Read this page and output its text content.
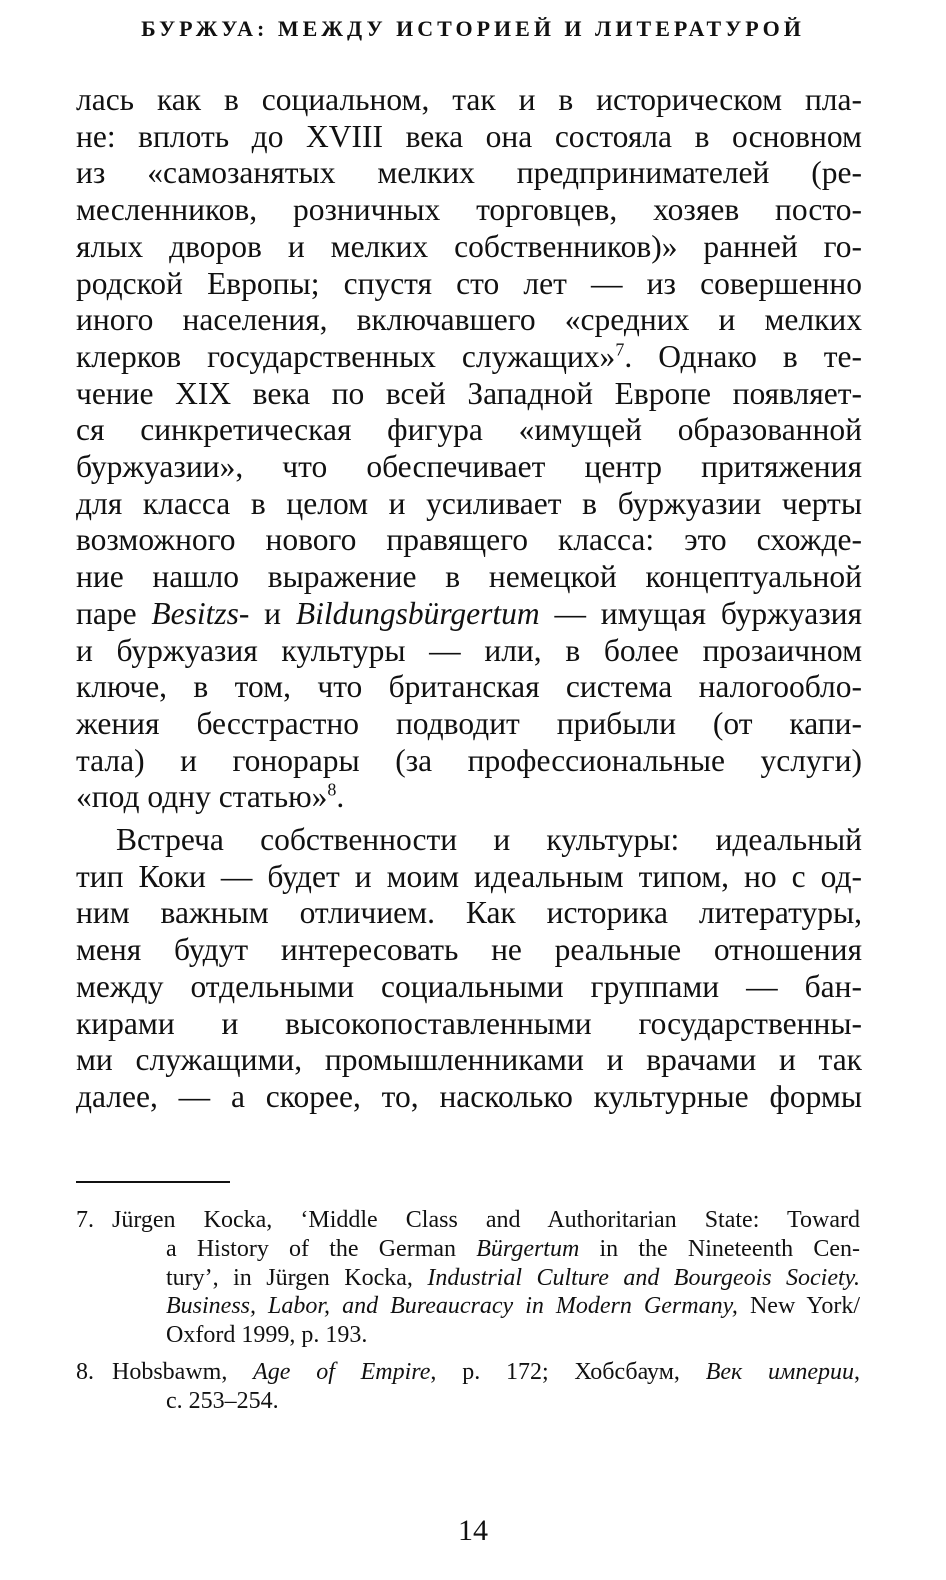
БУРЖУА: МЕЖДУ ИСТОРИЕЙ И ЛИТЕРАТУРОЙ

лась как в социальном, так и в историческом пла-
не: вплоть до XVIII века она состояла в основном
из «самозанятых мелких предпринимателей (ре-
месленников, розничных торговцев, хозяев посто-
ялых дворов и мелких собственников)» ранней го-
родской Европы; спустя сто лет — из совершенно
иного населения, включавшего «средних и мелких
клерков государственных служащих»$^7$. Однако в те-
чение XIX века по всей Западной Европе появляет-
ся синкретическая фигура «имущей образованной
буржуазии», что обеспечивает центр притяжения
для класса в целом и усиливает в буржуазии черты
возможного нового правящего класса: это схожде-
ние нашло выражение в немецкой концептуальной
паре Besitzs- и Bildungsbürgertum — имущая буржуазия
и буржуазия культуры — или, в более прозаичном
ключе, в том, что британская система налогообло-
жения бесстрастно подводит прибыли (от капи-
тала) и гонорары (за профессиональные услуги)
«под одну статью»$^8$.

Встреча собственности и культуры: идеальный
тип Коки — будет и моим идеальным типом, но с од-
ним важным отличием. Как историка литературы,
меня будут интересовать не реальные отношения
между отдельными социальными группами — бан-
кирами и высокопоставленными государственны-
ми служащими, промышленниками и врачами и так
далее, — а скорее, то, насколько культурные формы

7. Jürgen Kocka, ‘Middle Class and Authoritarian State: Toward
a History of the German Bürgertum in the Nineteenth Cen-
tury’, in Jürgen Kocka, Industrial Culture and Bourgeois Society.
Business, Labor, and Bureaucracy in Modern Germany, New York/
Oxford 1999, p. 193.
8. Hobsbawm, Age of Empire, p. 172; Хобсбаум, Век империи,
с. 253–254.
14
